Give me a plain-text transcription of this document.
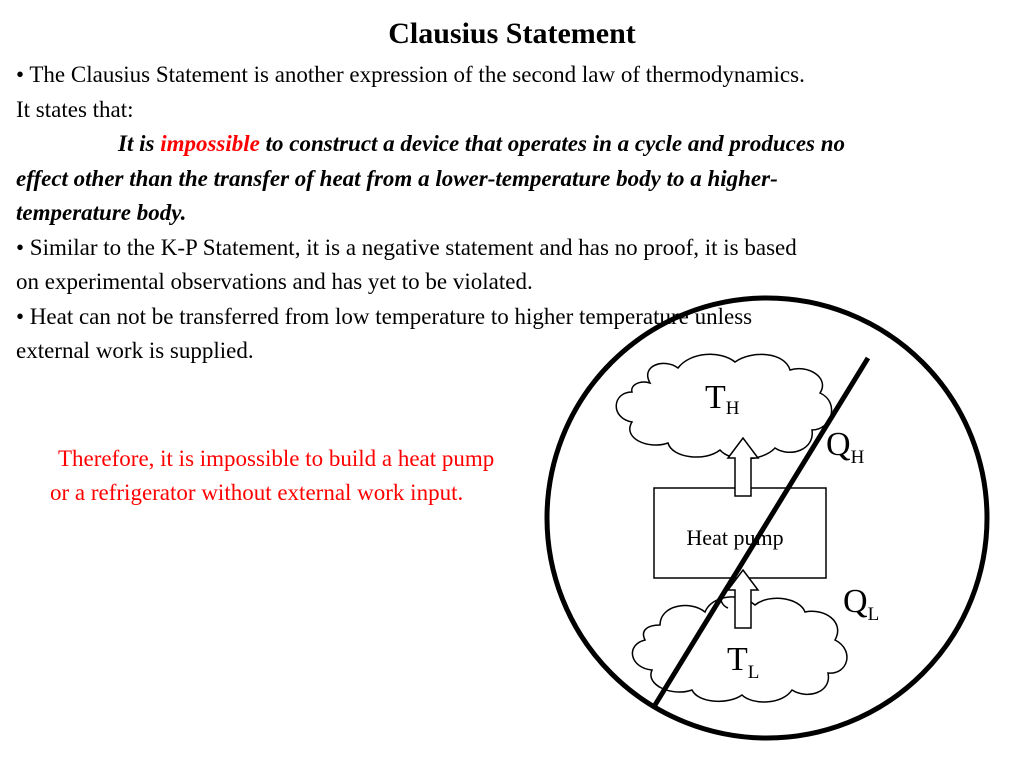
Clausius Statement
• The Clausius Statement is another expression of the second law of thermodynamics.
It states that:
It is impossible to construct a device that operates in a cycle and produces no
effect other than the transfer of heat from a lower-temperature body to a higher-
temperature body.
• Similar to the K-P Statement, it is a negative statement and has no proof, it is based
on experimental observations and has yet to be violated.
• Heat can not be transferred from low temperature to higher temperature unless
external work is supplied.
Therefore, it is impossible to build a heat pump or a refrigerator without external work input.
Heat pump
TH
QH
QL
TL
